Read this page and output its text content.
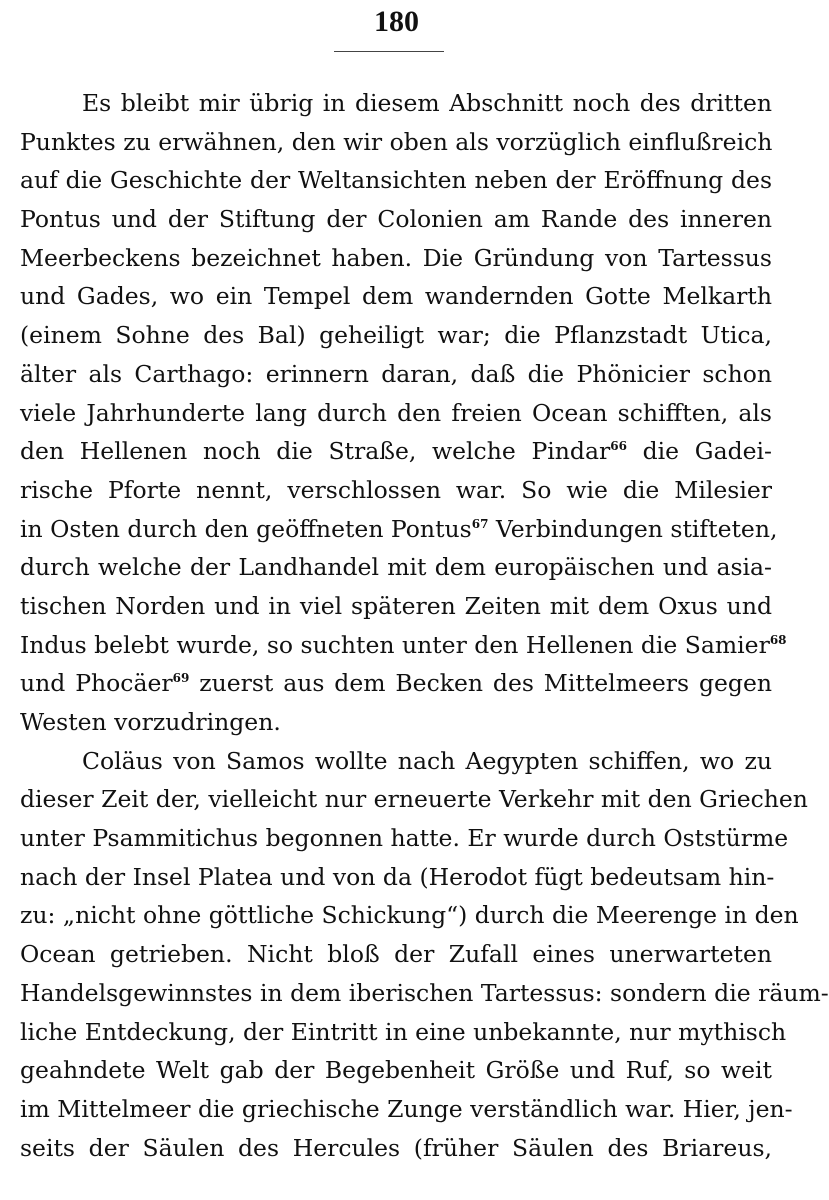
180
Es bleibt mir übrig in diesem Abschnitt noch des dritten
Punktes zu erwähnen, den wir oben als vorzüglich einflußreich
auf die Geschichte der Weltansichten neben der Eröffnung des
Pontus und der Stiftung der Colonien am Rande des inneren
Meerbeckens bezeichnet haben. Die Gründung von Tartessus
und Gades, wo ein Tempel dem wandernden Gotte Melkarth
(einem Sohne des Bal) geheiligt war; die Pflanzstadt Utica,
älter als Carthago: erinnern daran, daß die Phönicier schon
viele Jahrhunderte lang durch den freien Ocean schifften, als
den Hellenen noch die Straße, welche Pindar$^{66}$ die Gadei-
rische Pforte nennt, verschlossen war. So wie die Milesier
in Osten durch den geöffneten Pontus$^{67}$ Verbindungen stifteten,
durch welche der Landhandel mit dem europäischen und asia-
tischen Norden und in viel späteren Zeiten mit dem Oxus und
Indus belebt wurde, so suchten unter den Hellenen die Samier$^{68}$
und Phocäer$^{69}$ zuerst aus dem Becken des Mittelmeers gegen
Westen vorzudringen.
Coläus von Samos wollte nach Aegypten schiffen, wo zu
dieser Zeit der, vielleicht nur erneuerte Verkehr mit den Griechen
unter Psammitichus begonnen hatte. Er wurde durch Oststürme
nach der Insel Platea und von da (Herodot fügt bedeutsam hin-
zu: „nicht ohne göttliche Schickung“) durch die Meerenge in den
Ocean getrieben. Nicht bloß der Zufall eines unerwarteten
Handelsgewinnstes in dem iberischen Tartessus: sondern die räum-
liche Entdeckung, der Eintritt in eine unbekannte, nur mythisch
geahndete Welt gab der Begebenheit Größe und Ruf, so weit
im Mittelmeer die griechische Zunge verständlich war. Hier, jen-
seits der Säulen des Hercules (früher Säulen des Briareus,
